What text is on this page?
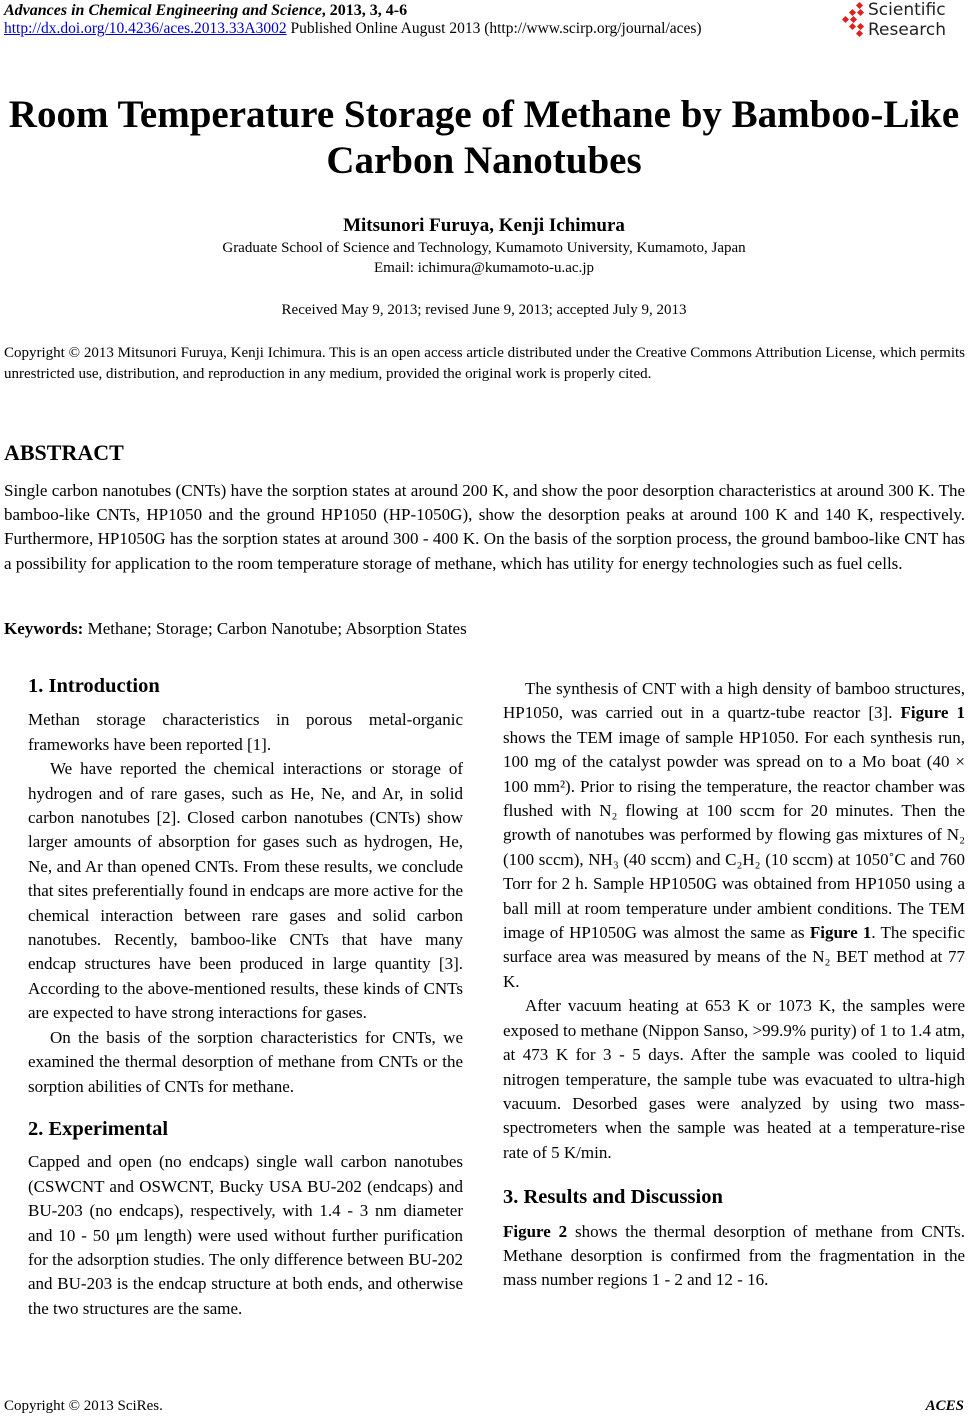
Advances in Chemical Engineering and Science, 2013, 3, 4-6
http://dx.doi.org/10.4236/aces.2013.33A3002 Published Online August 2013 (http://www.scirp.org/journal/aces)
Scientific
Research
Room Temperature Storage of Methane by Bamboo-Like
Carbon Nanotubes
Mitsunori Furuya, Kenji Ichimura
Graduate School of Science and Technology, Kumamoto University, Kumamoto, Japan
Email: ichimura@kumamoto-u.ac.jp
Received May 9, 2013; revised June 9, 2013; accepted July 9, 2013
Copyright © 2013 Mitsunori Furuya, Kenji Ichimura. This is an open access article distributed under the Creative Commons Attribution License, which permits unrestricted use, distribution, and reproduction in any medium, provided the original work is properly cited.
ABSTRACT
Single carbon nanotubes (CNTs) have the sorption states at around 200 K, and show the poor desorption characteristics at around 300 K. The bamboo-like CNTs, HP1050 and the ground HP1050 (HP-1050G), show the desorption peaks at around 100 K and 140 K, respectively. Furthermore, HP1050G has the sorption states at around 300 - 400 K. On the basis of the sorption process, the ground bamboo-like CNT has a possibility for application to the room temperature storage of methane, which has utility for energy technologies such as fuel cells.
Keywords: Methane; Storage; Carbon Nanotube; Absorption States
1. Introduction

Methan storage characteristics in porous metal-organic frameworks have been reported [1].

We have reported the chemical interactions or storage of hydrogen and of rare gases, such as He, Ne, and Ar, in solid carbon nanotubes [2]. Closed carbon nanotubes (CNTs) show larger amounts of absorption for gases such as hydrogen, He, Ne, and Ar than opened CNTs. From these results, we conclude that sites preferentially found in endcaps are more active for the chemical interaction between rare gases and solid carbon nanotubes. Recently, bamboo-like CNTs that have many endcap structures have been produced in large quantity [3]. According to the above-mentioned results, these kinds of CNTs are expected to have strong interactions for gases.

On the basis of the sorption characteristics for CNTs, we examined the thermal desorption of methane from CNTs or the sorption abilities of CNTs for methane.

2. Experimental

Capped and open (no endcaps) single wall carbon nanotubes (CSWCNT and OSWCNT, Bucky USA BU-202 (endcaps) and BU-203 (no endcaps), respectively, with 1.4 - 3 nm diameter and 10 - 50 μm length) were used without further purification for the adsorption studies. The only difference between BU-202 and BU-203 is the endcap structure at both ends, and otherwise the two structures are the same.

The synthesis of CNT with a high density of bamboo structures, HP1050, was carried out in a quartz-tube reactor [3]. Figure 1 shows the TEM image of sample HP1050. For each synthesis run, 100 mg of the catalyst powder was spread on to a Mo boat (40 × 100 mm²). Prior to rising the temperature, the reactor chamber was flushed with N₂ flowing at 100 sccm for 20 minutes. Then the growth of nanotubes was performed by flowing gas mixtures of N₂ (100 sccm), NH₃ (40 sccm) and C₂H₂ (10 sccm) at 1050˚C and 760 Torr for 2 h. Sample HP1050G was obtained from HP1050 using a ball mill at room temperature under ambient conditions. The TEM image of HP1050G was almost the same as Figure 1. The specific surface area was measured by means of the N₂ BET method at 77 K.

After vacuum heating at 653 K or 1073 K, the samples were exposed to methane (Nippon Sanso, >99.9% purity) of 1 to 1.4 atm, at 473 K for 3 - 5 days. After the sample was cooled to liquid nitrogen temperature, the sample tube was evacuated to ultra-high vacuum. Desorbed gases were analyzed by using two mass-spectrometers when the sample was heated at a temperature-rise rate of 5 K/min.

3. Results and Discussion

Figure 2 shows the thermal desorption of methane from CNTs. Methane desorption is confirmed from the fragmentation in the mass number regions 1 - 2 and 12 - 16.

Copyright © 2013 SciRes.	ACES
